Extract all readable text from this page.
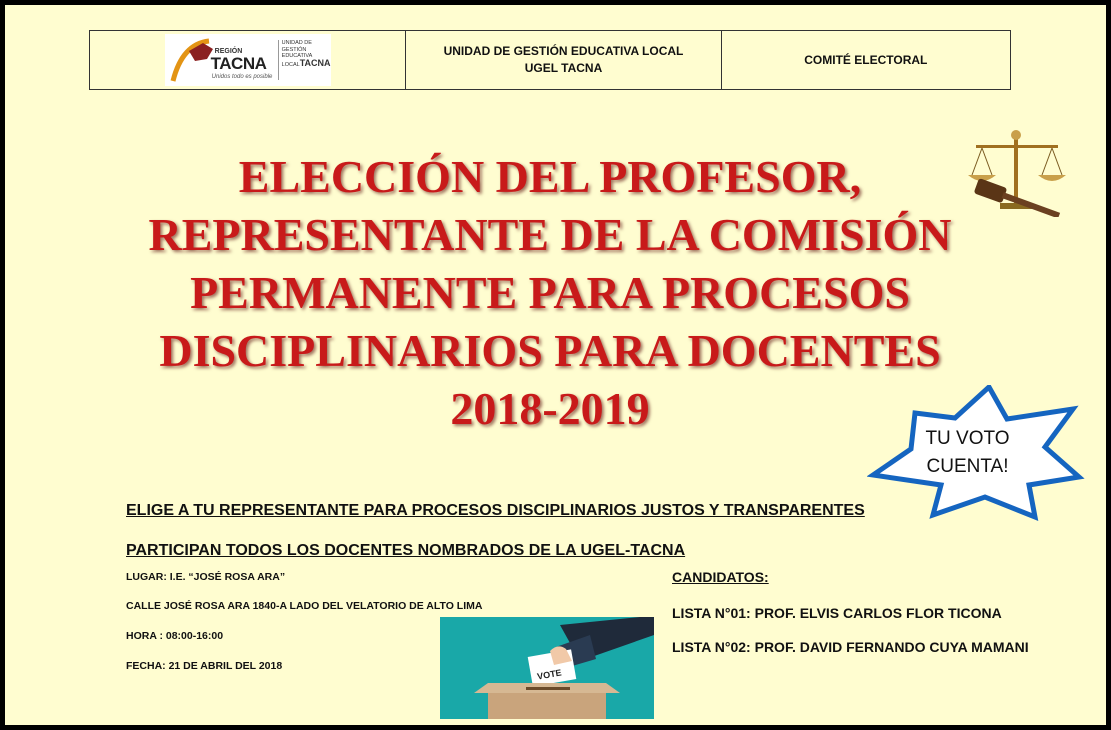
REGIÓN
TACNA
Unidos todo es posible
UNIDAD DE
GESTIÓN
EDUCATIVA
LOCALTACNA
UNIDAD DE GESTIÓN EDUCATIVA LOCAL
UGEL TACNA
COMITÉ ELECTORAL
ELECCIÓN DEL PROFESOR,
REPRESENTANTE DE LA COMISIÓN
PERMANENTE PARA PROCESOS
DISCIPLINARIOS PARA DOCENTES
2018-2019
TU VOTO
CUENTA!
ELIGE A TU REPRESENTANTE PARA PROCESOS DISCIPLINARIOS JUSTOS Y TRANSPARENTES
PARTICIPAN TODOS LOS DOCENTES NOMBRADOS DE LA UGEL-TACNA
LUGAR: I.E. “JOSÉ ROSA ARA”
CALLE JOSÉ ROSA ARA 1840-A LADO DEL VELATORIO DE ALTO LIMA
HORA : 08:00-16:00
FECHA: 21 DE ABRIL DEL 2018
VOTE
CANDIDATOS:
LISTA N°01: PROF. ELVIS CARLOS FLOR TICONA
LISTA N°02: PROF. DAVID FERNANDO CUYA MAMANI
